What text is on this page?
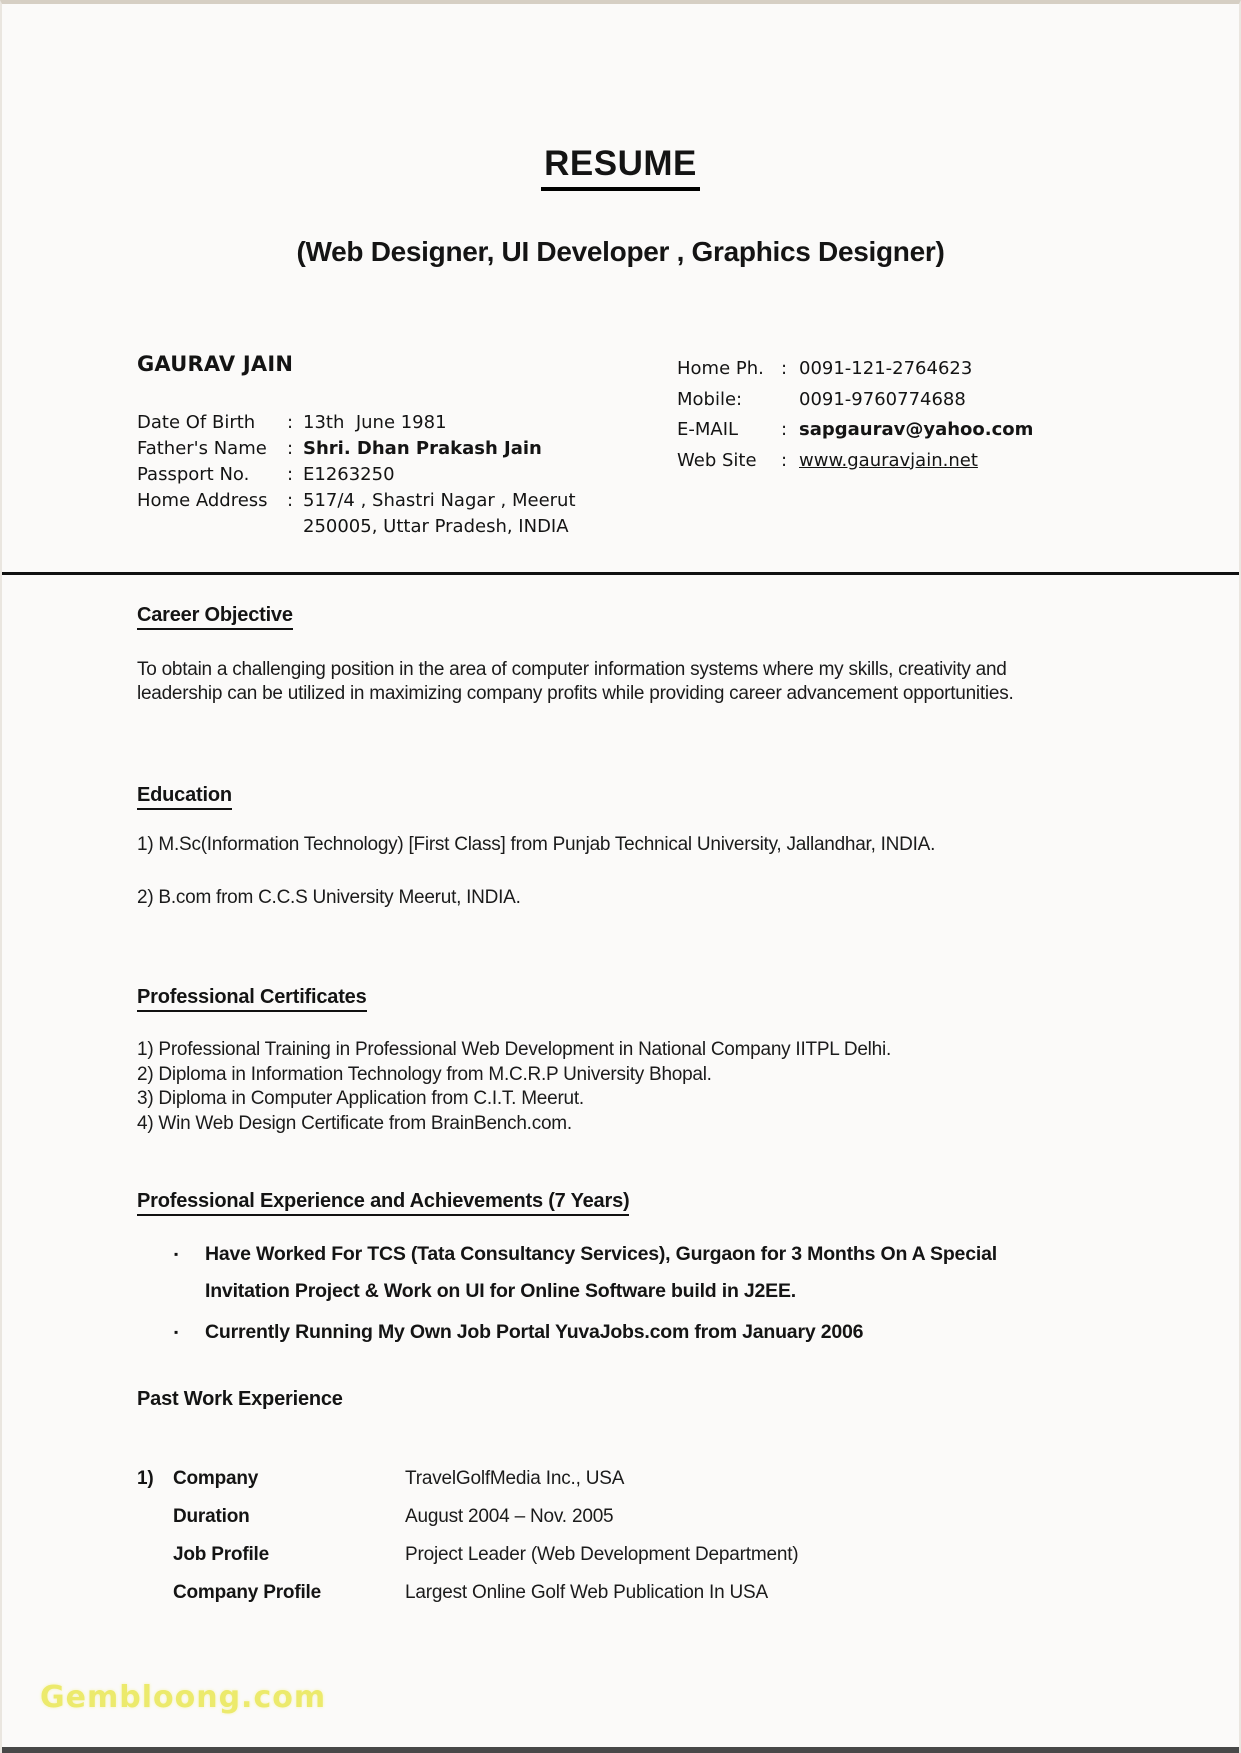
RESUME
(Web Designer, UI Developer , Graphics Designer)
GAURAV JAIN
Date Of Birth	: 13th  June 1981
Father's Name	: Shri. Dhan Prakash Jain
Passport No.	: E1263250
Home Address	: 517/4 , Shastri Nagar , Meerut
250005, Uttar Pradesh, INDIA
Home Ph. : 0091-121-2764623
Mobile:	0091-9760774688
E-MAIL	: sapgaurav@yahoo.com
Web Site	: www.gauravjain.net
Career Objective
To obtain a challenging position in the area of computer information systems where my skills, creativity and leadership can be utilized in maximizing company profits while providing career advancement opportunities.
Education

1) M.Sc(Information Technology) [First Class] from Punjab Technical University, Jallandhar, INDIA.

2) B.com from C.C.S University Meerut, INDIA.

Professional Certificates

1) Professional Training in Professional Web Development in National Company IITPL Delhi.

2) Diploma in Information Technology from M.C.R.P University Bhopal.

3) Diploma in Computer Application from C.I.T. Meerut.

4) Win Web Design Certificate from BrainBench.com.

Professional Experience and Achievements (7 Years)
▪	Have Worked For TCS (Tata Consultancy Services), Gurgaon for 3 Months On A Special Invitation Project & Work on UI for Online Software build in J2EE.
▪	Currently Running My Own Job Portal YuvaJobs.com from January 2006
Past Work Experience
1)	Company	TravelGolfMedia Inc., USA
Duration	August 2004 – Nov. 2005
Job Profile	Project Leader (Web Development Department)
Company Profile	Largest Online Golf Web Publication In USA
Gembloong.com
